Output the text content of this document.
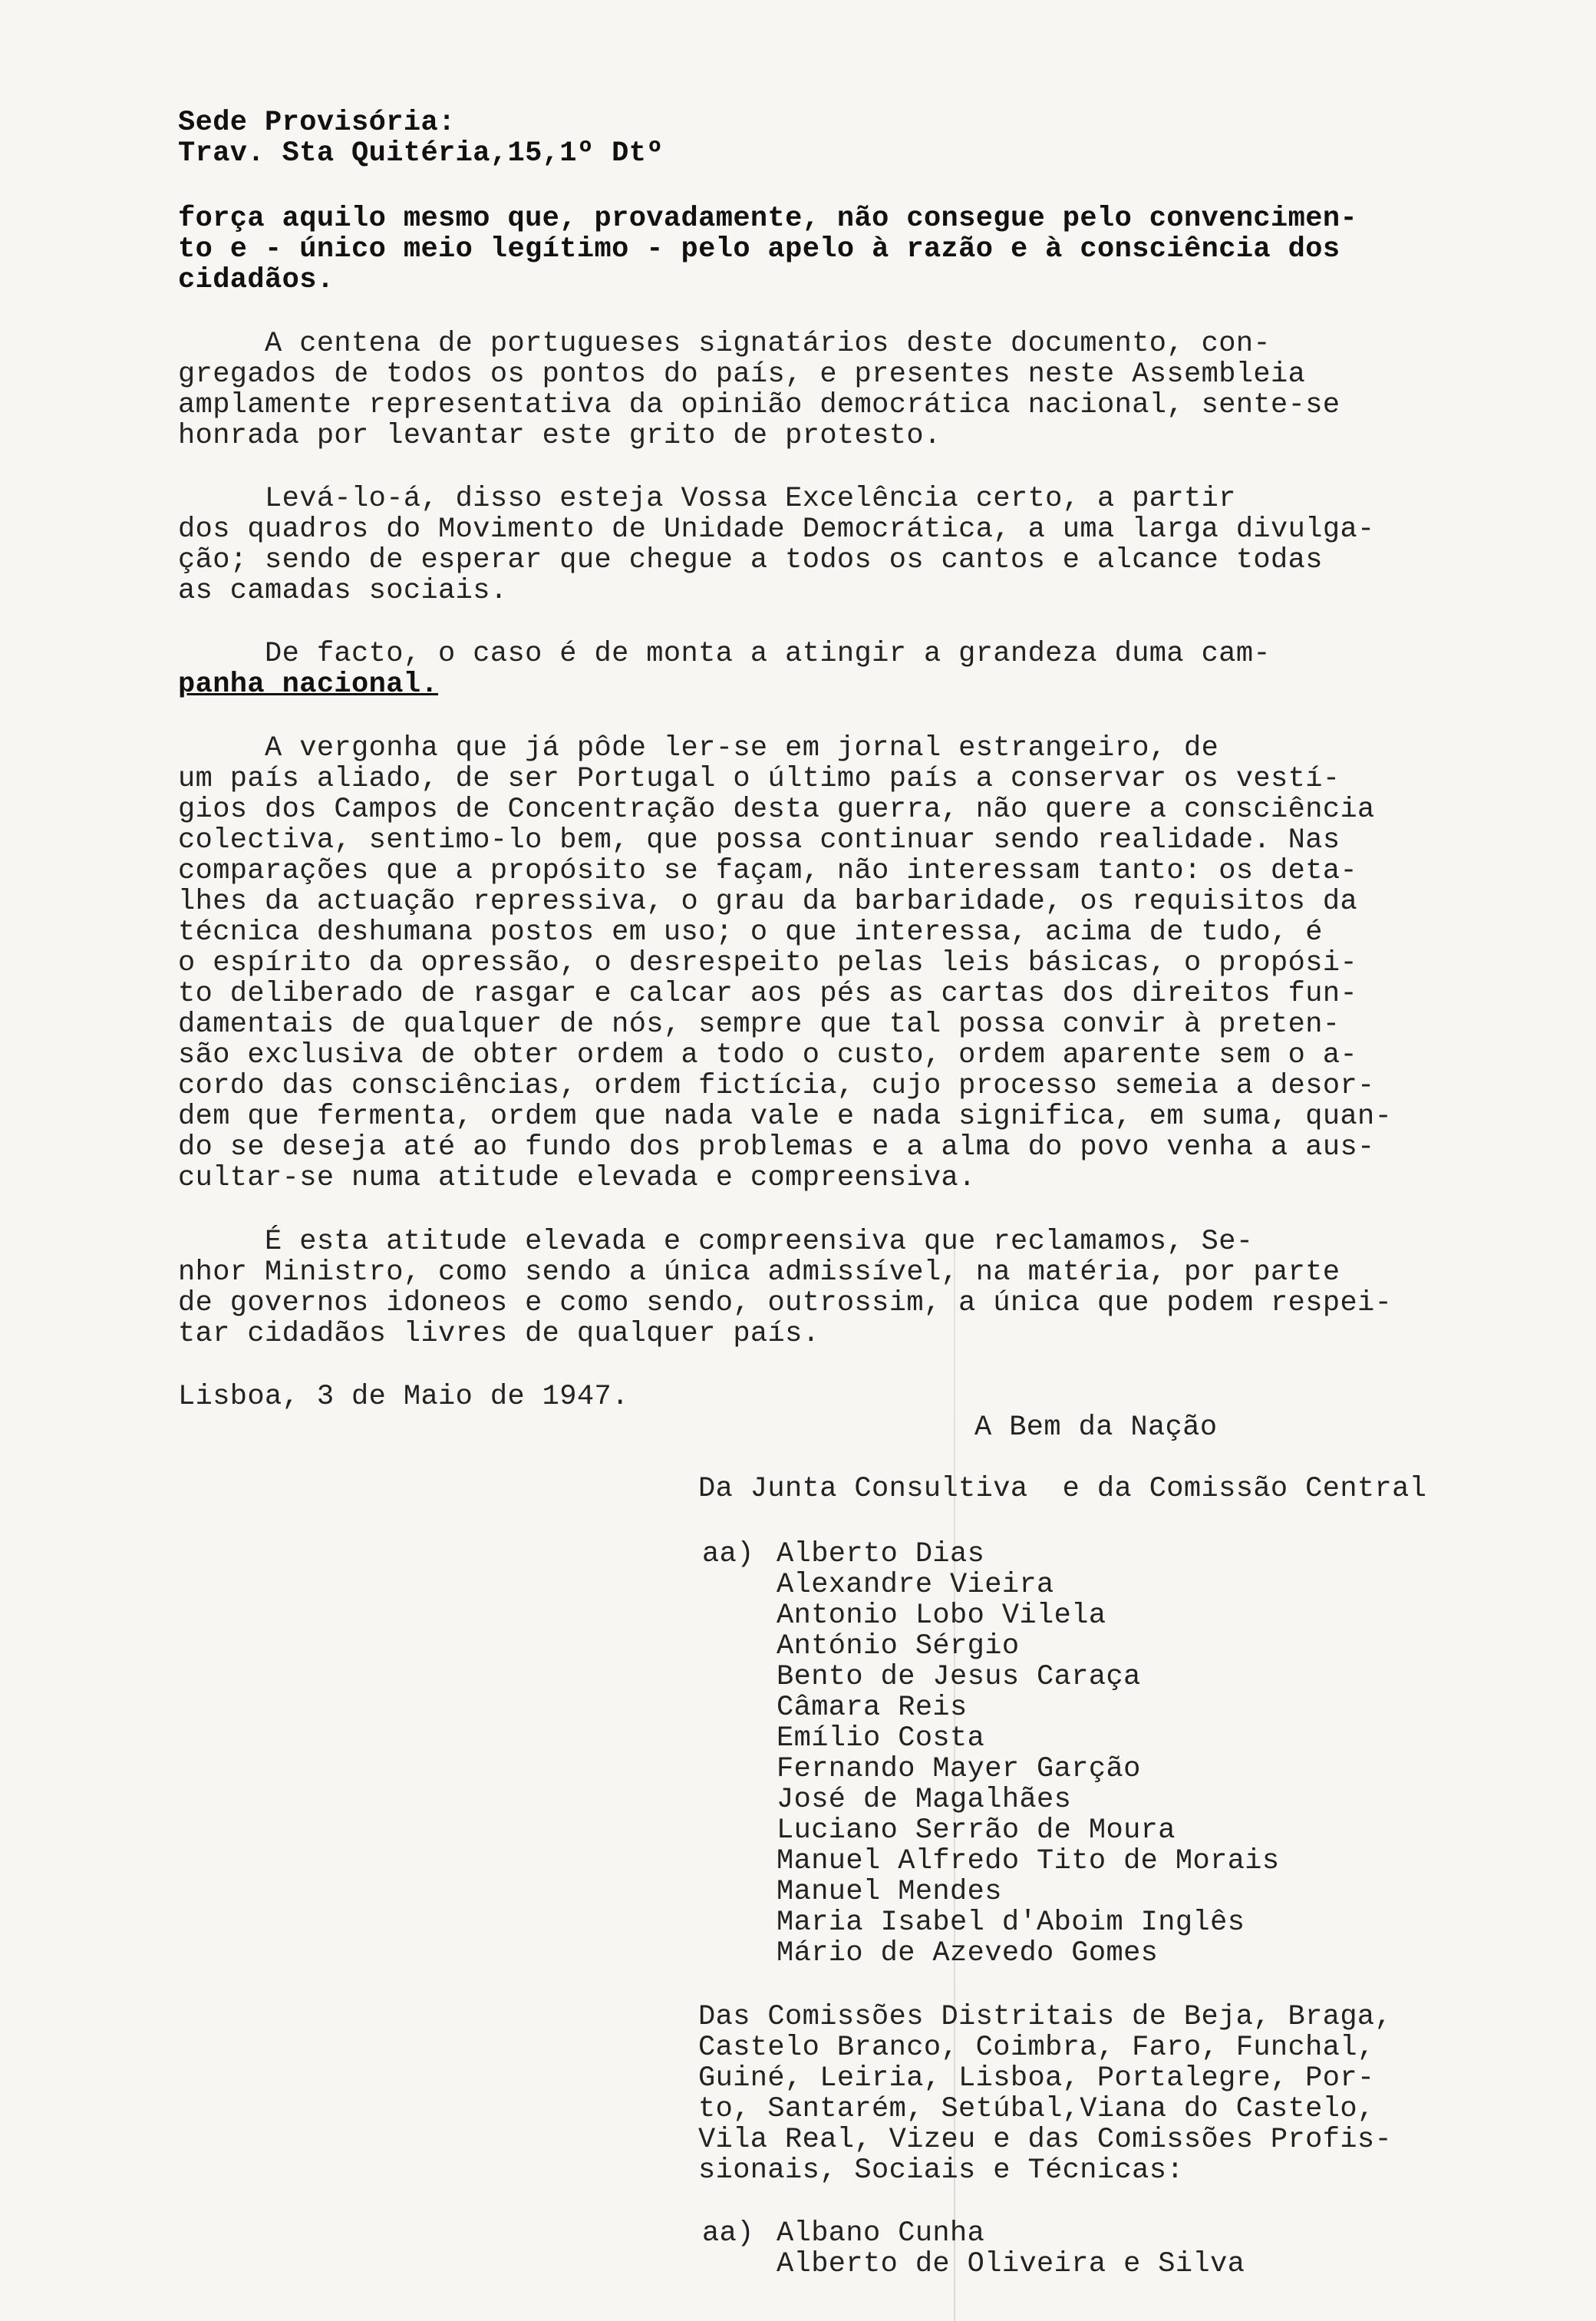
Sede Provisória:
Trav. Sta Quitéria,15,1º Dtº
força aquilo mesmo que, provadamente, não consegue pelo convencimen-
to e - único meio legítimo - pelo apelo à razão e à consciência dos
cidadãos.
A centena de portugueses signatários deste documento, con-
gregados de todos os pontos do país, e presentes neste Assembleia
amplamente representativa da opinião democrática nacional, sente-se
honrada por levantar este grito de protesto.
Levá-lo-á, disso esteja Vossa Excelência certo, a partir
dos quadros do Movimento de Unidade Democrática, a uma larga divulga-
ção; sendo de esperar que chegue a todos os cantos e alcance todas
as camadas sociais.
De facto, o caso é de monta a atingir a grandeza duma cam-
panha nacional.
A vergonha que já pôde ler-se em jornal estrangeiro, de
um país aliado, de ser Portugal o último país a conservar os vestí-
gios dos Campos de Concentração desta guerra, não quere a consciência
colectiva, sentimo-lo bem, que possa continuar sendo realidade. Nas
comparações que a propósito se façam, não interessam tanto: os deta-
lhes da actuação repressiva, o grau da barbaridade, os requisitos da
técnica deshumana postos em uso; o que interessa, acima de tudo, é
o espírito da opressão, o desrespeito pelas leis básicas, o propósi-
to deliberado de rasgar e calcar aos pés as cartas dos direitos fun-
damentais de qualquer de nós, sempre que tal possa convir à preten-
são exclusiva de obter ordem a todo o custo, ordem aparente sem o a-
cordo das consciências, ordem fictícia, cujo processo semeia a desor-
dem que fermenta, ordem que nada vale e nada significa, em suma, quan-
do se deseja até ao fundo dos problemas e a alma do povo venha a aus-
cultar-se numa atitude elevada e compreensiva.
É esta atitude elevada e compreensiva que reclamamos, Se-
nhor Ministro, como sendo a única admissível, na matéria, por parte
de governos idoneos e como sendo, outrossim, a única que podem respei-
tar cidadãos livres de qualquer país.
Lisboa, 3 de Maio de 1947.
A Bem da Nação
Da Junta Consultiva  e da Comissão Central
aa) Alberto Dias
Alexandre Vieira
Antonio Lobo Vilela
António Sérgio
Bento de Jesus Caraça
Câmara Reis
Emílio Costa
Fernando Mayer Garção
José de Magalhães
Luciano Serrão de Moura
Manuel Alfredo Tito de Morais
Manuel Mendes
Maria Isabel d'Aboim Inglês
Mário de Azevedo Gomes
Das Comissões Distritais de Beja, Braga,
Castelo Branco, Coimbra, Faro, Funchal,
Guiné, Leiria, Lisboa, Portalegre, Por-
to, Santarém, Setúbal,Viana do Castelo,
Vila Real, Vizeu e das Comissões Profis-
sionais, Sociais e Técnicas:
aa) Albano Cunha
Alberto de Oliveira e Silva
